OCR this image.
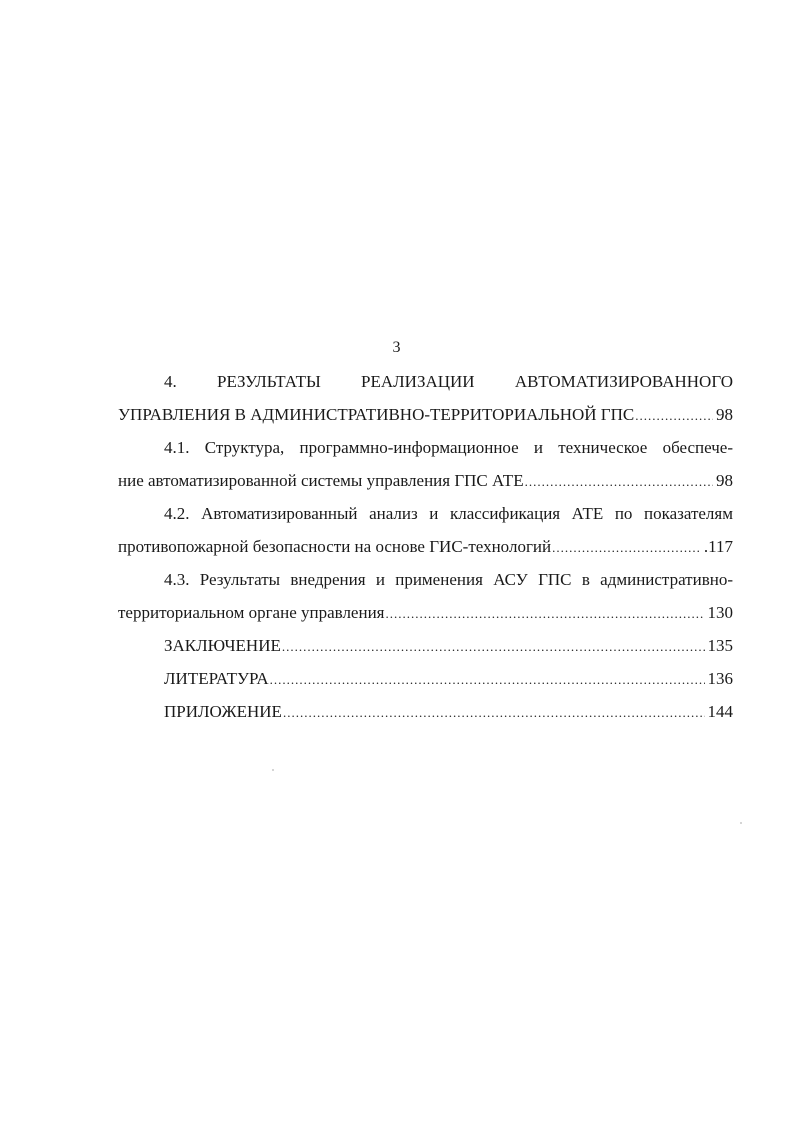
3
4. РЕЗУЛЬТАТЫ РЕАЛИЗАЦИИ АВТОМАТИЗИРОВАННОГО
УПРАВЛЕНИЯ В АДМИНИСТРАТИВНО-ТЕРРИТОРИАЛЬНОЙ ГПС .....	98
4.1. Структура, программно-информационное и техническое обеспече-
ние автоматизированной системы управления ГПС АТЕ .....	98
4.2. Автоматизированный анализ и классификация АТЕ по показателям
противопожарной безопасности на основе ГИС-технологий .....	.117
4.3. Результаты внедрения и применения АСУ ГПС в административно-
территориальном органе управления .....	130
ЗАКЛЮЧЕНИЕ .....	135
ЛИТЕРАТУРА .....	136
ПРИЛОЖЕНИЕ .....	144
